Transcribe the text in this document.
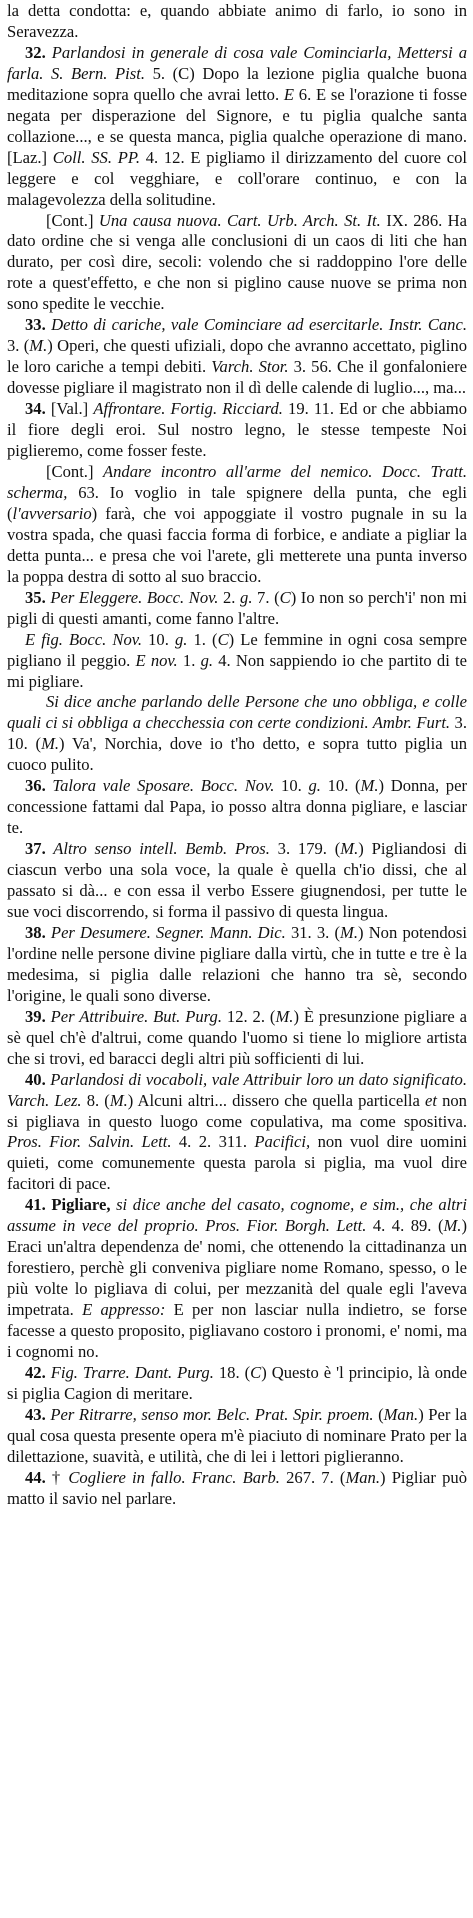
la detta condotta: e, quando abbiate animo di farlo, io sono in Seravezza.

32. Parlandosi in generale di cosa vale Cominciarla, Mettersi a farla. S. Bern. Pist. 5. (C) Dopo la lezione piglia qualche buona meditazione sopra quello che avrai letto. E 6. E se l'orazione ti fosse negata per disperazione del Signore, e tu piglia qualche santa collazione..., e se questa manca, piglia qualche operazione di mano. [Laz.] Coll. SS. PP. 4. 12. E pigliamo il dirizzamento del cuore col leggere e col vegghiare, e coll'orare continuo, e con la malagevolezza della solitudine.

[Cont.] Una causa nuova. Cart. Urb. Arch. St. It. IX. 286. Ha dato ordine che si venga alle conclusioni di un caos di liti che han durato, per così dire, secoli: volendo che si raddoppino l'ore delle rote a quest'effetto, e che non si piglino cause nuove se prima non sono spedite le vecchie.

33. Detto di cariche, vale Cominciare ad esercitarle. Instr. Canc. 3. (M.) Operi, che questi ufiziali, dopo che avranno accettato, piglino le loro cariche a tempi debiti. Varch. Stor. 3. 56. Che il gonfaloniere dovesse pigliare il magistrato non il dì delle calende di luglio..., ma...

34. [Val.] Affrontare. Fortig. Ricciard. 19. 11. Ed or che abbiamo il fiore degli eroi. Sul nostro legno, le stesse tempeste Noi piglieremo, come fosser feste.

[Cont.] Andare incontro all'arme del nemico. Docc. Tratt. scherma, 63. Io voglio in tale spignere della punta, che egli (l'avversario) farà, che voi appoggiate il vostro pugnale in su la vostra spada, che quasi faccia forma di forbice, e andiate a pigliar la detta punta... e presa che voi l'arete, gli metterete una punta inverso la poppa destra di sotto al suo braccio.

35. Per Eleggere. Bocc. Nov. 2. g. 7. (C) Io non so perch'i' non mi pigli di questi amanti, come fanno l'altre.

E fig. Bocc. Nov. 10. g. 1. (C) Le femmine in ogni cosa sempre pigliano il peggio. E nov. 1. g. 4. Non sappiendo io che partito di te mi pigliare.

Si dice anche parlando delle Persone che uno obbliga, e colle quali ci si obbliga a checchessia con certe condizioni. Ambr. Furt. 3. 10. (M.) Va', Norchia, dove io t'ho detto, e sopra tutto piglia un cuoco pulito.

36. Talora vale Sposare. Bocc. Nov. 10. g. 10. (M.) Donna, per concessione fattami dal Papa, io posso altra donna pigliare, e lasciar te.

37. Altro senso intell. Bemb. Pros. 3. 179. (M.) Pigliandosi di ciascun verbo una sola voce, la quale è quella ch'io dissi, che al passato si dà... e con essa il verbo Essere giugnendosi, per tutte le sue voci discorrendo, si forma il passivo di questa lingua.

38. Per Desumere. Segner. Mann. Dic. 31. 3. (M.) Non potendosi l'ordine nelle persone divine pigliare dalla virtù, che in tutte e tre è la medesima, si piglia dalle relazioni che hanno tra sè, secondo l'origine, le quali sono diverse.

39. Per Attribuire. But. Purg. 12. 2. (M.) È presunzione pigliare a sè quel ch'è d'altrui, come quando l'uomo si tiene lo migliore artista che si trovi, ed baracci degli altri più sofficienti di lui.

40. Parlandosi di vocaboli, vale Attribuir loro un dato significato. Varch. Lez. 8. (M.) Alcuni altri... dissero che quella particella et non si pigliava in questo luogo come copulativa, ma come spositiva. Pros. Fior. Salvin. Lett. 4. 2. 311. Pacifici, non vuol dire uomini quieti, come comunemente questa parola si piglia, ma vuol dire facitori di pace.

41. Pigliare, si dice anche del casato, cognome, e sim., che altri assume in vece del proprio. Pros. Fior. Borgh. Lett. 4. 4. 89. (M.) Eraci un'altra dependenza de' nomi, che ottenendo la cittadinanza un forestiero, perchè gli conveniva pigliare nome Romano, spesso, o le più volte lo pigliava di colui, per mezzanità del quale egli l'aveva impetrata. E appresso: E per non lasciar nulla indietro, se forse facesse a questo proposito, pigliavano costoro i pronomi, e' nomi, ma i cognomi no.

42. Fig. Trarre. Dant. Purg. 18. (C) Questo è 'l principio, là onde si piglia Cagion di meritare.

43. Per Ritrarre, senso mor. Belc. Prat. Spir. proem. (Man.) Per la qual cosa questa presente opera m'è piaciuto di nominare Prato per la dilettazione, suavità, e utilità, che di lei i lettori piglieranno.

44. † Cogliere in fallo. Franc. Barb. 267. 7. (Man.) Pigliar può matto il savio nel parlare.
